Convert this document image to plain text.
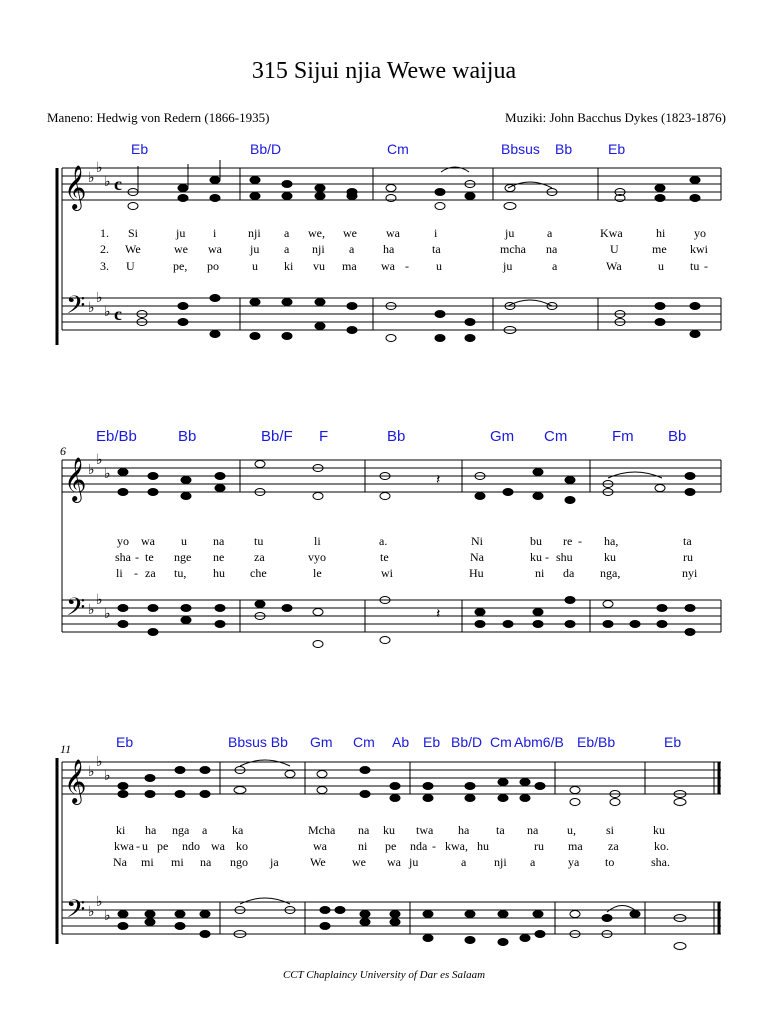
315 Sijui njia Wewe waijua
Maneno: Hedwig von Redern (1866-1935)	Muziki: John Bacchus Dykes (1823-1876)
Eb	Bb/D	Cm	Bbsus Bb	Eb
𝄞
𝄢
♭
♭
♭
♭
♭
♭
c
c
1. Si	ju i	nji a we, we wa	i	ju	a	Kwa	hi yo
2. We	we wa ju a nji a ha	ta	mcha na	U	me kwi
3. U	pe, po	u ki vu ma wa - u	ju	a	Wa	u tu -
6
Eb/Bb	Bb	Bb/F F	Bb	Gm Cm	Fm Bb
𝄞
𝄢
♭
♭
♭
♭
♭
♭
𝄽
𝄽
yo wa u na tu	li	a.	Ni	bu re - ha,	ta
sha - te nge ne za	vyo	te	Na	ku - shu	ku	ru
li - za tu, hu che	le	wi	Hu	ni da nga,	nyi
11	Eb	Bbsus Bb Gm Cm Ab Eb Bb/D Cm Abm6/B Eb/Bb	Eb
𝄞
𝄢
♭
♭
♭
♭
♭
♭
ki ha nga a ka	Mcha na ku twa ha ta na u,	si	ku
kwa - u pe ndo wa ko	wa	ni pe nda - kwa, hu	ru ma za	ko.
Na mi mi na ngo ja	We we wa ju	a nji a	ya to	sha.
CCT Chaplaincy University of Dar es Salaam
